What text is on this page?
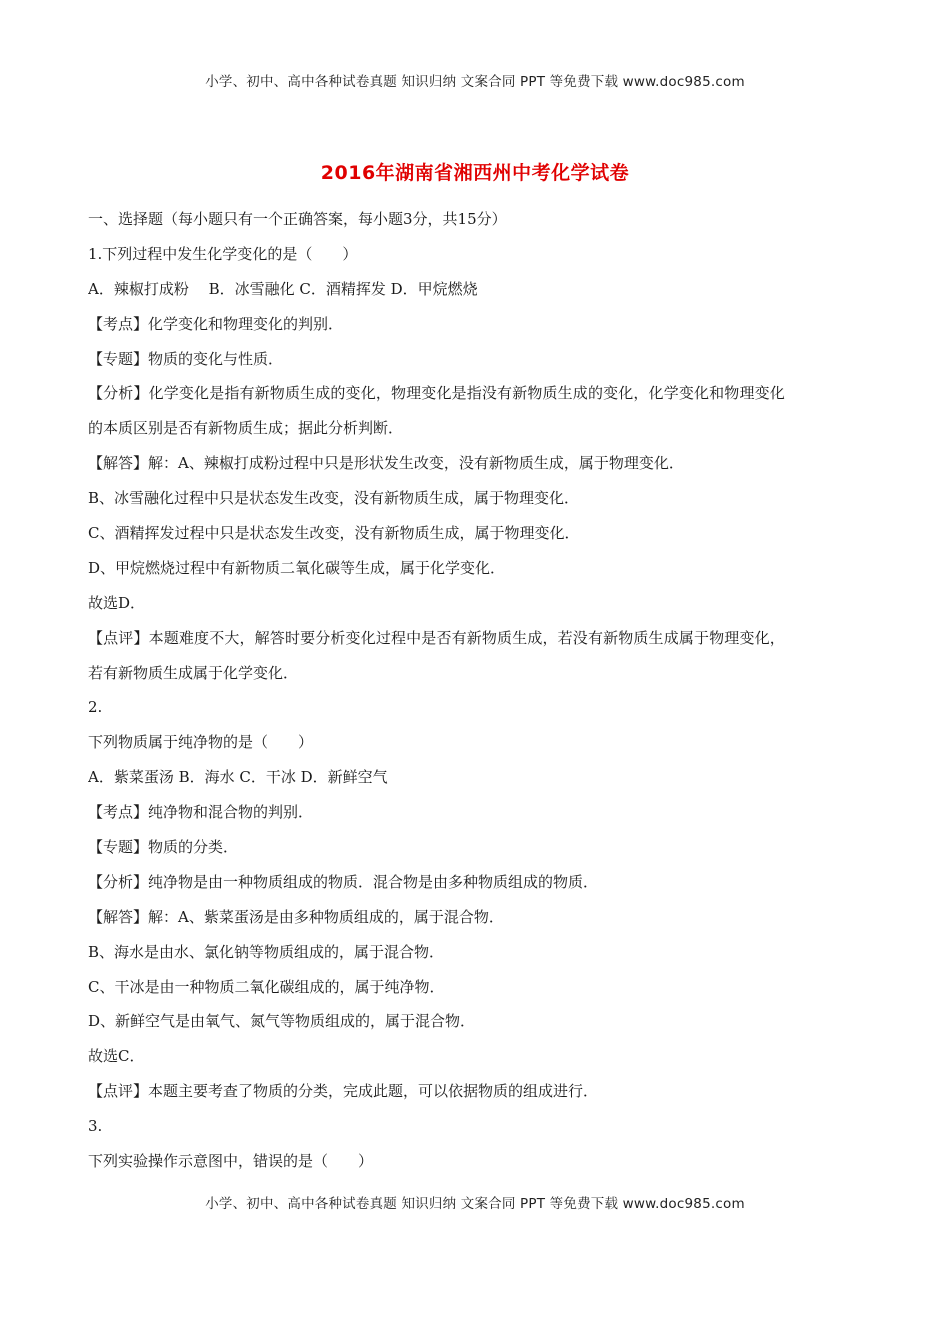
小学、初中、高中各种试卷真题 知识归纳 文案合同 PPT 等免费下载 www.doc985.com
2016年湖南省湘西州中考化学试卷
一、选择题（每小题只有一个正确答案，每小题3分，共15分）
1.下列过程中发生化学变化的是（　　）
A．辣椒打成粉　 B．冰雪融化 C．酒精挥发 D．甲烷燃烧
【考点】化学变化和物理变化的判别．
【专题】物质的变化与性质．
【分析】化学变化是指有新物质生成的变化，物理变化是指没有新物质生成的变化，化学变化和物理变化
的本质区别是否有新物质生成；据此分析判断．
【解答】解：A、辣椒打成粉过程中只是形状发生改变，没有新物质生成，属于物理变化．
B、冰雪融化过程中只是状态发生改变，没有新物质生成，属于物理变化．
C、酒精挥发过程中只是状态发生改变，没有新物质生成，属于物理变化．
D、甲烷燃烧过程中有新物质二氧化碳等生成，属于化学变化．
故选D．
【点评】本题难度不大，解答时要分析变化过程中是否有新物质生成，若没有新物质生成属于物理变化，
若有新物质生成属于化学变化．
2.
下列物质属于纯净物的是（　　）
A．紫菜蛋汤 B．海水 C．干冰 D．新鲜空气
【考点】纯净物和混合物的判别．
【专题】物质的分类．
【分析】纯净物是由一种物质组成的物质．混合物是由多种物质组成的物质．
【解答】解：A、紫菜蛋汤是由多种物质组成的，属于混合物．
B、海水是由水、氯化钠等物质组成的，属于混合物．
C、干冰是由一种物质二氧化碳组成的，属于纯净物．
D、新鲜空气是由氧气、氮气等物质组成的，属于混合物．
故选C．
【点评】本题主要考查了物质的分类，完成此题，可以依据物质的组成进行．
3.
下列实验操作示意图中，错误的是（　　）
小学、初中、高中各种试卷真题 知识归纳 文案合同 PPT 等免费下载 www.doc985.com
